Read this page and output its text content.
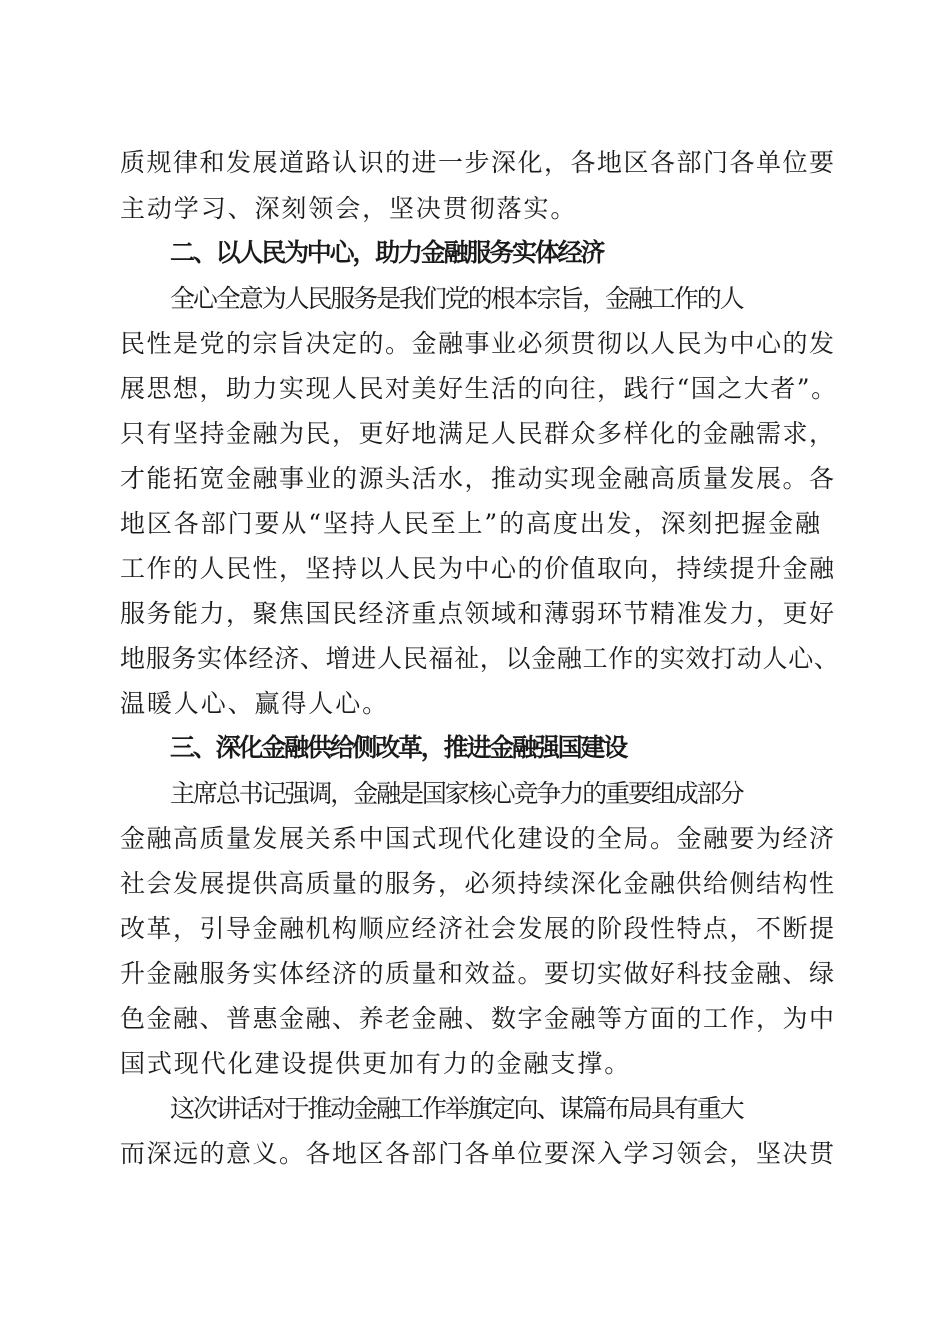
质规律和发展道路认识的进一步深化，各地区各部门各单位要
主动学习、深刻领会，坚决贯彻落实。
二、以人民为中心，助力金融服务实体经济
全心全意为人民服务是我们党的根本宗旨，金融工作的人
民性是党的宗旨决定的。金融事业必须贯彻以人民为中心的发
展思想，助力实现人民对美好生活的向往，践行“国之大者”。
只有坚持金融为民，更好地满足人民群众多样化的金融需求，
才能拓宽金融事业的源头活水，推动实现金融高质量发展。各
地区各部门要从“坚持人民至上”的高度出发，深刻把握金融
工作的人民性，坚持以人民为中心的价值取向，持续提升金融
服务能力，聚焦国民经济重点领域和薄弱环节精准发力，更好
地服务实体经济、增进人民福祉，以金融工作的实效打动人心、
温暖人心、赢得人心。
三、深化金融供给侧改革，推进金融强国建设
主席总书记强调，金融是国家核心竞争力的重要组成部分
金融高质量发展关系中国式现代化建设的全局。金融要为经济
社会发展提供高质量的服务，必须持续深化金融供给侧结构性
改革，引导金融机构顺应经济社会发展的阶段性特点，不断提
升金融服务实体经济的质量和效益。要切实做好科技金融、绿
色金融、普惠金融、养老金融、数字金融等方面的工作，为中
国式现代化建设提供更加有力的金融支撑。
这次讲话对于推动金融工作举旗定向、谋篇布局具有重大
而深远的意义。各地区各部门各单位要深入学习领会，坚决贯
